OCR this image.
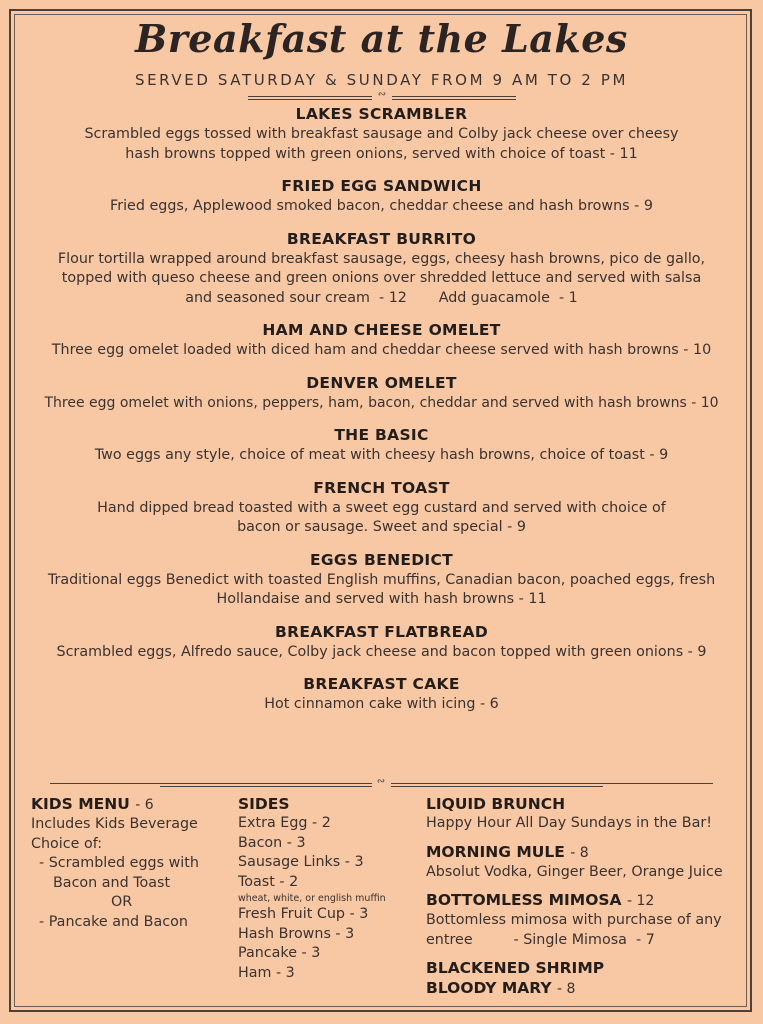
Breakfast at the Lakes
SERVED SATURDAY & SUNDAY FROM 9 AM TO 2 PM
∾
LAKES SCRAMBLER
Scrambled eggs tossed with breakfast sausage and Colby jack cheese over cheesy
hash browns topped with green onions, served with choice of toast - 11
FRIED EGG SANDWICH
Fried eggs, Applewood smoked bacon, cheddar cheese and hash browns - 9
BREAKFAST BURRITO
Flour tortilla wrapped around breakfast sausage, eggs, cheesy hash browns, pico de gallo,
topped with queso cheese and green onions over shredded lettuce and served with salsa
and seasoned sour cream  - 12       Add guacamole  - 1
HAM AND CHEESE OMELET
Three egg omelet loaded with diced ham and cheddar cheese served with hash browns - 10
DENVER OMELET
Three egg omelet with onions, peppers, ham, bacon, cheddar and served with hash browns - 10
THE BASIC
Two eggs any style, choice of meat with cheesy hash browns, choice of toast - 9
FRENCH TOAST
Hand dipped bread toasted with a sweet egg custard and served with choice of
bacon or sausage. Sweet and special - 9
EGGS BENEDICT
Traditional eggs Benedict with toasted English muffins, Canadian bacon, poached eggs, fresh
Hollandaise and served with hash browns - 11
BREAKFAST FLATBREAD
Scrambled eggs, Alfredo sauce, Colby jack cheese and bacon topped with green onions - 9
BREAKFAST CAKE
Hot cinnamon cake with icing - 6
∾
KIDS MENU - 6
Includes Kids Beverage
Choice of:
- Scrambled eggs with
Bacon and Toast
OR
- Pancake and Bacon
SIDES
Extra Egg - 2
Bacon - 3
Sausage Links - 3
Toast - 2
wheat, white, or english muffin
Fresh Fruit Cup - 3
Hash Browns - 3
Pancake - 3
Ham - 3
LIQUID BRUNCH
Happy Hour All Day Sundays in the Bar!
MORNING MULE - 8
Absolut Vodka, Ginger Beer, Orange Juice
BOTTOMLESS MIMOSA - 12
Bottomless mimosa with purchase of any
entree         - Single Mimosa  - 7
BLACKENED SHRIMP
BLOODY MARY - 8
